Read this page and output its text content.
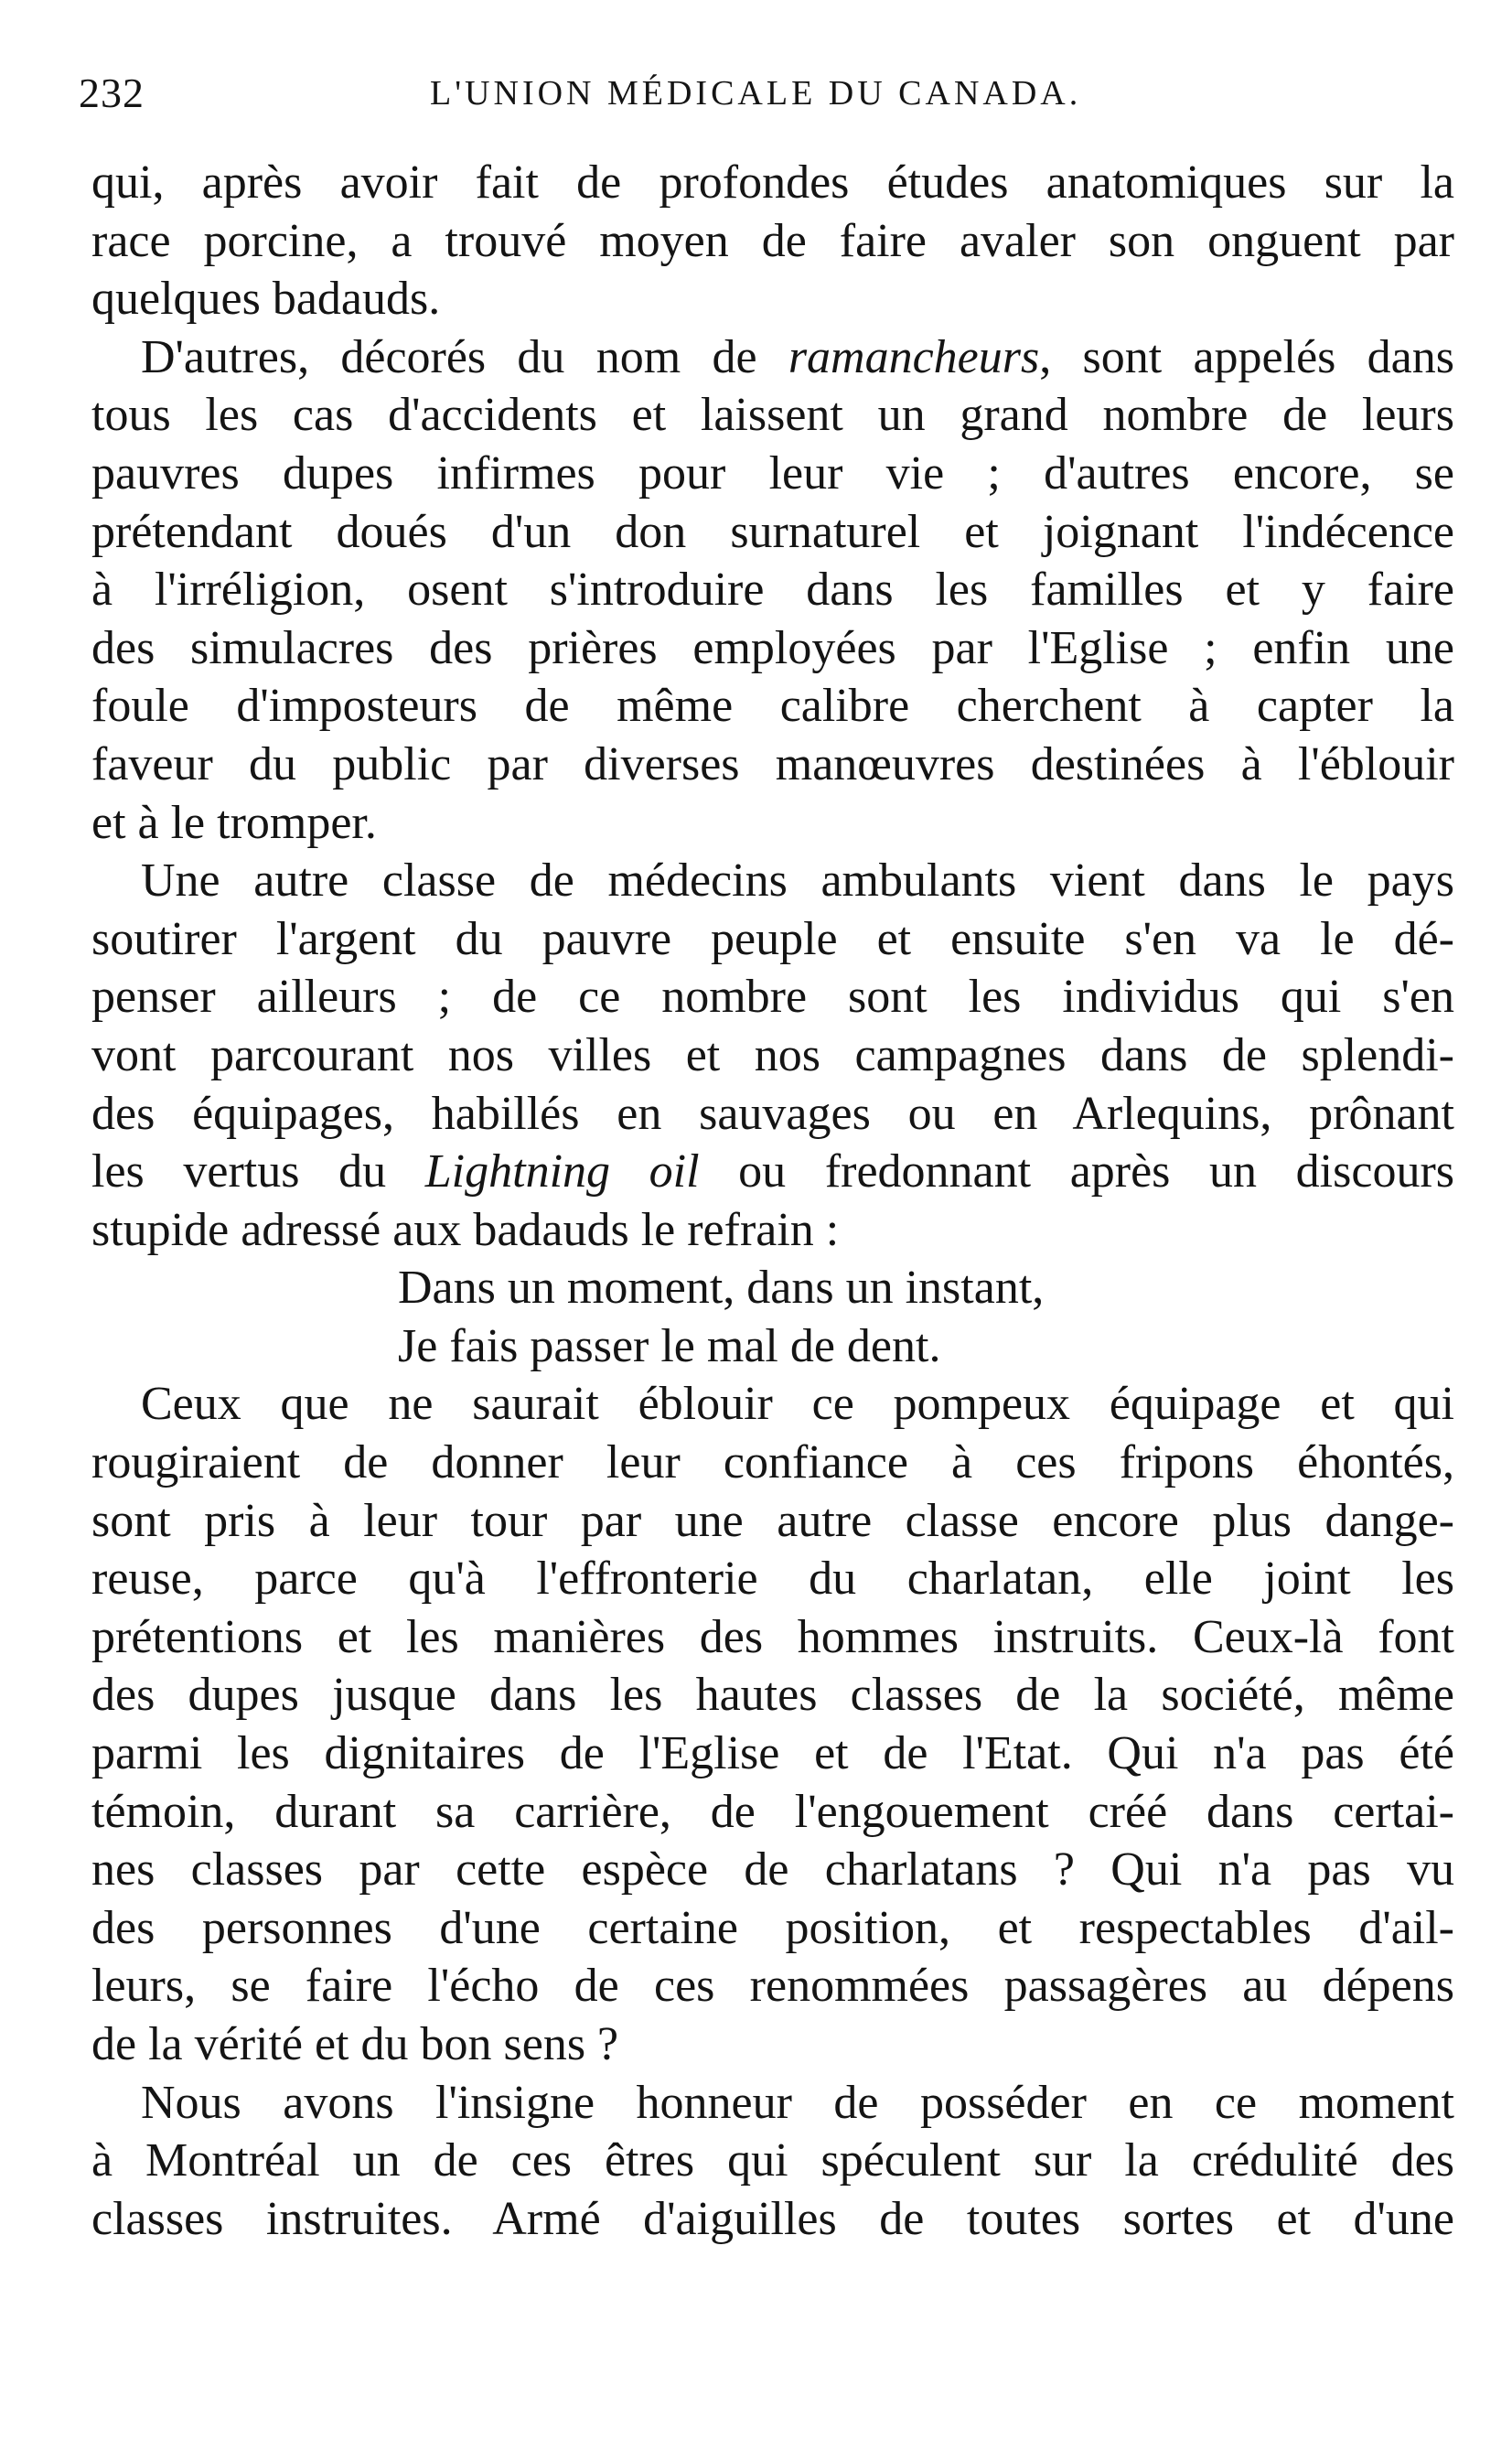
232	L'UNION MÉDICALE DU CANADA.
qui, après avoir fait de profondes études anatomiques sur la
race porcine, a trouvé moyen de faire avaler son onguent par
quelques badauds.
D'autres, décorés du nom de ramancheurs, sont appelés dans
tous les cas d'accidents et laissent un grand nombre de leurs
pauvres dupes infirmes pour leur vie ; d'autres encore, se
prétendant doués d'un don surnaturel et joignant l'indécence
à l'irréligion, osent s'introduire dans les familles et y faire
des simulacres des prières employées par l'Eglise ; enfin une
foule d'imposteurs de même calibre cherchent à capter la
faveur du public par diverses manœuvres destinées à l'éblouir
et à le tromper.
Une autre classe de médecins ambulants vient dans le pays
soutirer l'argent du pauvre peuple et ensuite s'en va le dé-
penser ailleurs ; de ce nombre sont les individus qui s'en
vont parcourant nos villes et nos campagnes dans de splendi-
des équipages, habillés en sauvages ou en Arlequins, prônant
les vertus du Lightning oil ou fredonnant après un discours
stupide adressé aux badauds le refrain :
Dans un moment, dans un instant,
Je fais passer le mal de dent.
Ceux que ne saurait éblouir ce pompeux équipage et qui
rougiraient de donner leur confiance à ces fripons éhontés,
sont pris à leur tour par une autre classe encore plus dange-
reuse, parce qu'à l'effronterie du charlatan, elle joint les
prétentions et les manières des hommes instruits. Ceux-là font
des dupes jusque dans les hautes classes de la société, même
parmi les dignitaires de l'Eglise et de l'Etat. Qui n'a pas été
témoin, durant sa carrière, de l'engouement créé dans certai-
nes classes par cette espèce de charlatans ? Qui n'a pas vu
des personnes d'une certaine position, et respectables d'ail-
leurs, se faire l'écho de ces renommées passagères au dépens
de la vérité et du bon sens ?
Nous avons l'insigne honneur de posséder en ce moment
à Montréal un de ces êtres qui spéculent sur la crédulité des
classes instruites. Armé d'aiguilles de toutes sortes et d'une
